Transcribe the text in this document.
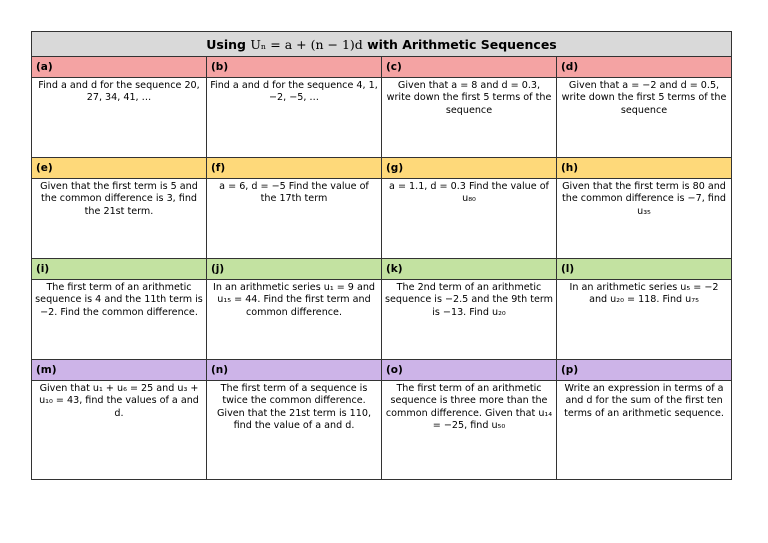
Using Uₙ = a + (n − 1)d with Arithmetic Sequences			
(a)	(b)	(c)	(d)
Find a and d for the sequence 20, 27, 34, 41, …	Find a and d for the sequence 4, 1, −2, −5, …	Given that a = 8 and d = 0.3, write down the first 5 terms of the sequence	Given that a = −2 and d = 0.5, write down the first 5 terms of the sequence
(e)	(f)	(g)	(h)
Given that the first term is 5 and the common difference is 3, find the 21st term.	a = 6, d = −5 Find the value of the 17th term	a = 1.1, d = 0.3 Find the value of u₈₀	Given that the first term is 80 and the common difference is −7, find u₃₅
(i)	(j)	(k)	(l)
The first term of an arithmetic sequence is 4 and the 11th term is −2. Find the common difference.	In an arithmetic series u₁ = 9 and u₁₅ = 44. Find the first term and common difference.	The 2nd term of an arithmetic sequence is −2.5 and the 9th term is −13. Find u₂₀	In an arithmetic series u₅ = −2 and u₂₀ = 118. Find u₇₅
(m)	(n)	(o)	(p)
Given that u₁ + u₆ = 25 and u₃ + u₁₀ = 43, find the values of a and d.	The first term of a sequence is twice the common difference. Given that the 21st term is 110, find the value of a and d.	The first term of an arithmetic sequence is three more than the common difference. Given that u₁₄ = −25, find u₅₀	Write an expression in terms of a and d for the sum of the first ten terms of an arithmetic sequence.
